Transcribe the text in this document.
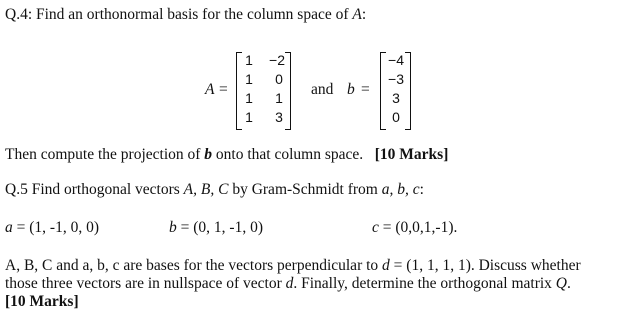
Q.4: Find an orthonormal basis for the column space of A:
A =
1	−2
1	0
1	1
1	3
and b =
−4
−3
3
0
Then compute the projection of b onto that column space.   [10 Marks]
Q.5 Find orthogonal vectors A, B, C by Gram-Schmidt from a, b, c:
a = (1, -1, 0, 0)	b = (0, 1, -1, 0)	c = (0,0,1,-1).
A, B, C and a, b, c are bases for the vectors perpendicular to d = (1, 1, 1, 1). Discuss whether
those three vectors are in nullspace of vector d. Finally, determine the orthogonal matrix Q.
[10 Marks]
